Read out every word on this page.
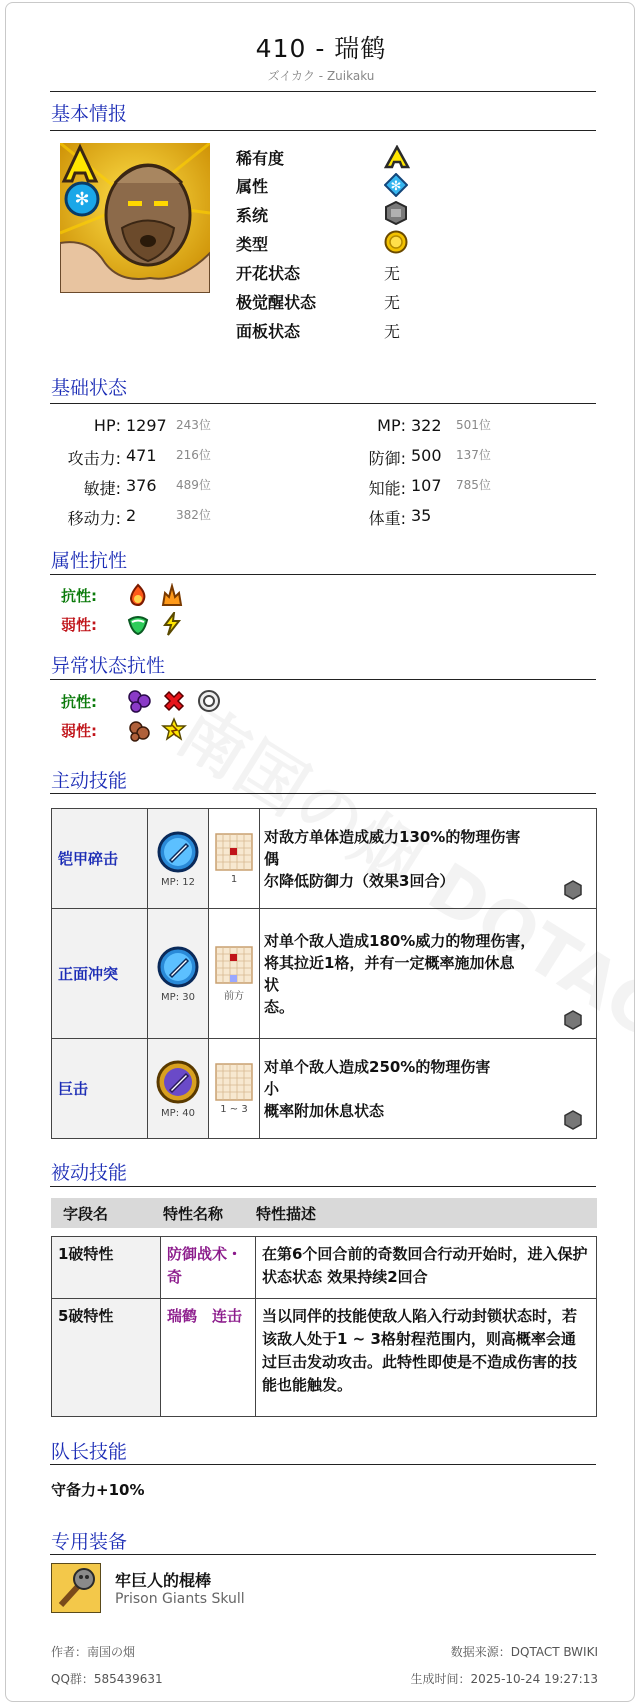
410 - 瑞鹤
ズイカク - Zuikaku
基本情报
✻
稀有度
属性	✻
系统
类型
开花状态	无
极觉醒状态	无
面板状态	无
基础状态
HP: 1297 243位	MP: 322 501位
攻击力: 471 216位	防御: 500 137位
敏捷: 376 489位	知能: 107 785位
移动力: 2	382位	体重: 35
属性抗性
抗性:
弱性:
异常状态抗性
抗性:
弱性:
主动技能
铠甲碎击	MP: 12	1	对敌方单体造成威力130%的物理伤害
偶
尔降低防御力（效果3回合）

正面冲突	MP: 30	前方	对单个敌人造成180%威力的物理伤害，
将其拉近1格，并有一定概率施加休息
状
态。

巨击	MP: 40	1 ~ 3	对单个敌人造成250%的物理伤害
小
概率附加休息状态
被动技能
字段名	特性名称 特性描述
1破特性	防御战术・奇	在第6个回合前的奇数回合行动开始时，进入保护状态状态 效果持续2回合
5破特性	瑞鹤　连击	当以同伴的技能使敌人陷入行动封锁状态时，若该敌人处于1 ~ 3格射程范围内，则高概率会通过巨击发动攻击。此特性即使是不造成伤害的技能也能触发。
队长技能
守备力+10%
专用装备
牢巨人的棍棒
Prison Giants Skull
作者：南国の烟	数据来源：DQTACT BWIKI
QQ群：585439631	生成时间：2025-10-24 19:27:13
